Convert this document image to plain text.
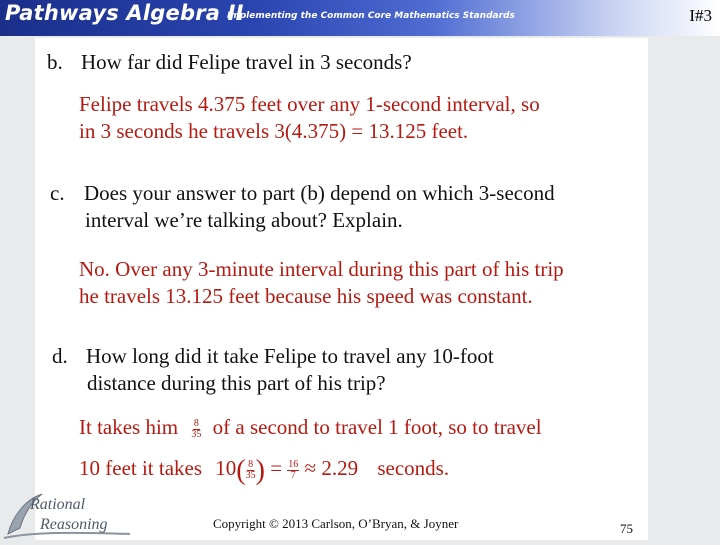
Pathways Algebra II
Implementing the Common Core Mathematics Standards	I#3
b. How far did Felipe travel in 3 seconds?
Felipe travels 4.375 feet over any 1-second interval, so
in 3 seconds he travels 3(4.375) = 13.125 feet.
c. Does your answer to part (b) depend on which 3-second
interval we’re talking about? Explain.
No. Over any 3-minute interval during this part of his trip
he travels 13.125 feet because his speed was constant.
d. How long did it take Felipe to travel any 10-foot
distance during this part of his trip?
It takes him $\frac{8}{35}$ of a second to travel 1 foot, so to travel
10 feet it takes $10( \frac{8}{35}$ ) = $\frac{16}{7} \approx 2.29$ seconds.
Rational
Reasoning	Copyright © 2013 Carlson, O’Bryan, & Joyner	75
